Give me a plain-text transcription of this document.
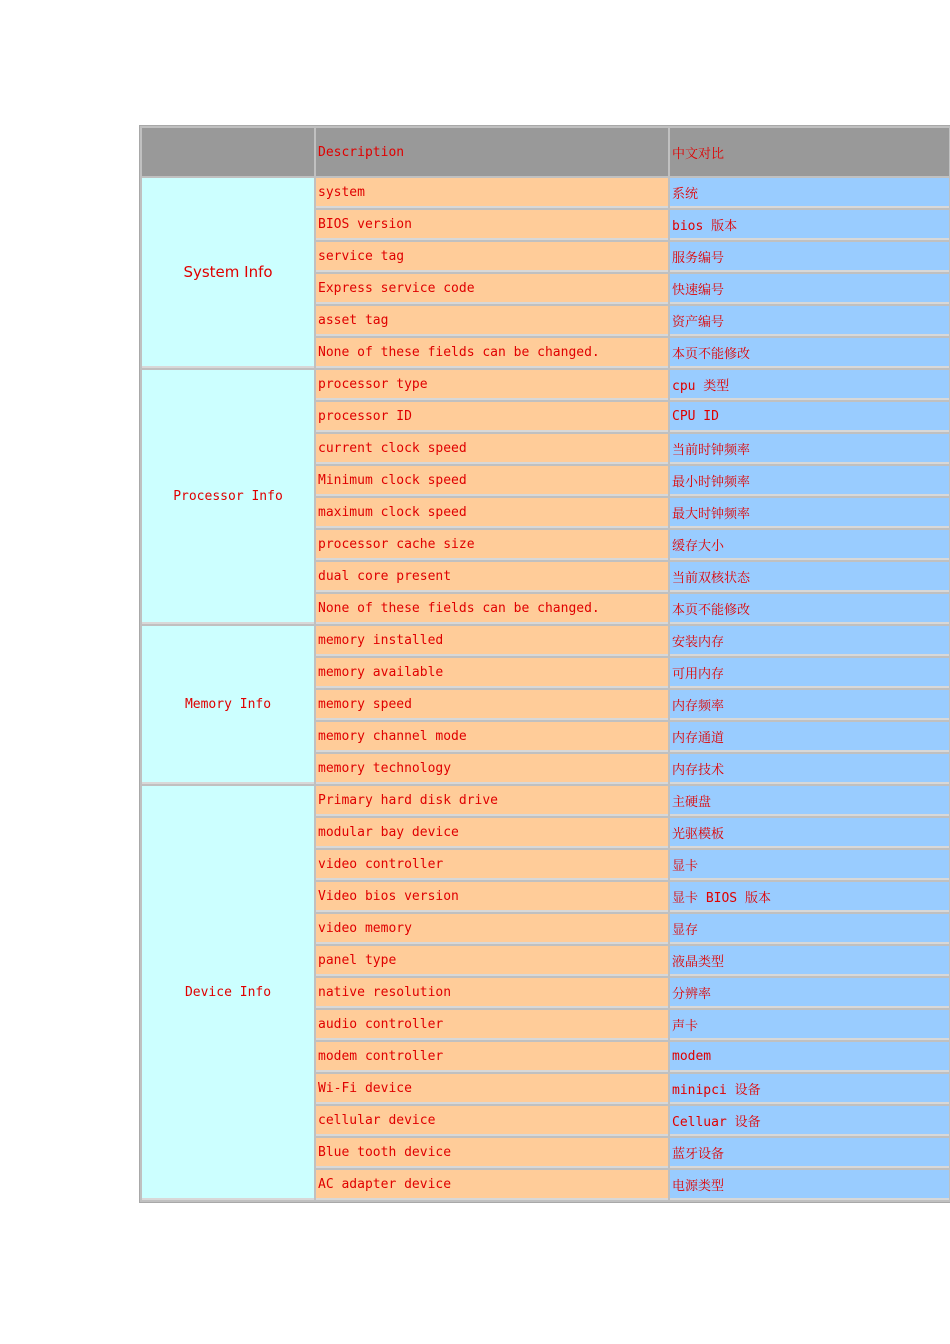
	Description	中文对比
System Info	system	系统
	BIOS version	bios 版本
	service tag	服务编号
	Express service code	快速编号
	asset tag	资产编号
	None of these fields can be changed.	本页不能修改
Processor Info	processor type	cpu 类型
	processor ID	CPU ID
	current clock speed	当前时钟频率
	Minimum clock speed	最小时钟频率
	maximum clock speed	最大时钟频率
	processor cache size	缓存大小
	dual core present	当前双核状态
	None of these fields can be changed.	本页不能修改
Memory Info	memory installed	安装内存
	memory available	可用内存
	memory speed	内存频率
	memory channel mode	内存通道
	memory technology	内存技术
Device Info	Primary hard disk drive	主硬盘
	modular bay device	光驱模板
	video controller	显卡
	Video bios version	显卡 BIOS 版本
	video memory	显存
	panel type	液晶类型
	native resolution	分辨率
	audio controller	声卡
	modem controller	modem
	Wi-Fi device	minipci 设备
	cellular device	Celluar 设备
	Blue tooth device	蓝牙设备
	AC adapter device	电源类型
